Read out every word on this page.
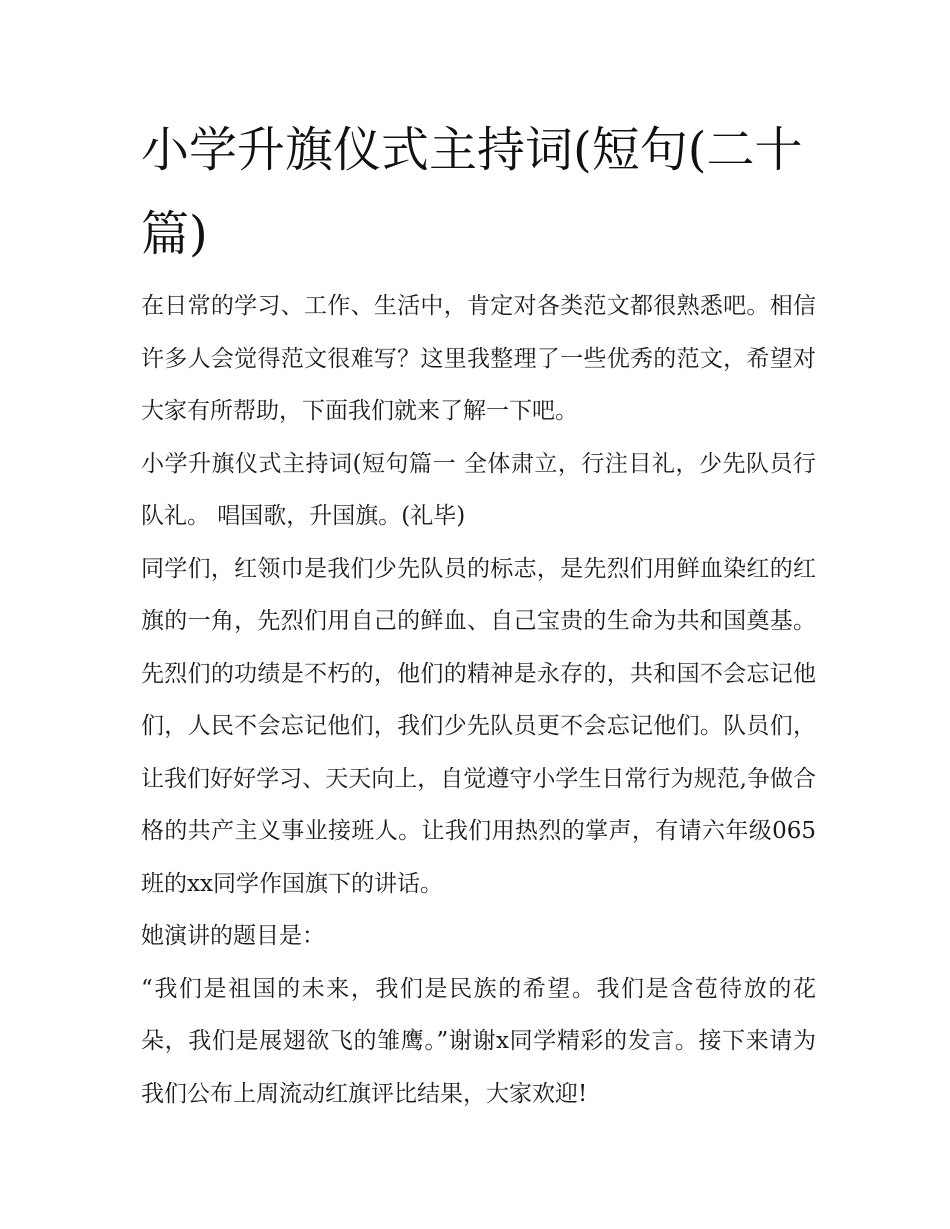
小学升旗仪式主持词(短句(二十篇)

在日常的学习、工作、生活中，肯定对各类范文都很熟悉吧。相信许多人会觉得范文很难写？这里我整理了一些优秀的范文，希望对大家有所帮助，下面我们就来了解一下吧。

小学升旗仪式主持词(短句篇一 全体肃立，行注目礼，少先队员行队礼。 唱国歌，升国旗。(礼毕)

同学们，红领巾是我们少先队员的标志，是先烈们用鲜血染红的红旗的一角，先烈们用自己的鲜血、自己宝贵的生命为共和国奠基。先烈们的功绩是不朽的，他们的精神是永存的，共和国不会忘记他们，人民不会忘记他们，我们少先队员更不会忘记他们。队员们，让我们好好学习、天天向上，自觉遵守小学生日常行为规范,争做合格的共产主义事业接班人。让我们用热烈的掌声，有请六年级065班的xx同学作国旗下的讲话。

她演讲的题目是：

“我们是祖国的未来，我们是民族的希望。我们是含苞待放的花朵，我们是展翅欲飞的雏鹰。”谢谢x同学精彩的发言。接下来请为我们公布上周流动红旗评比结果，大家欢迎!
